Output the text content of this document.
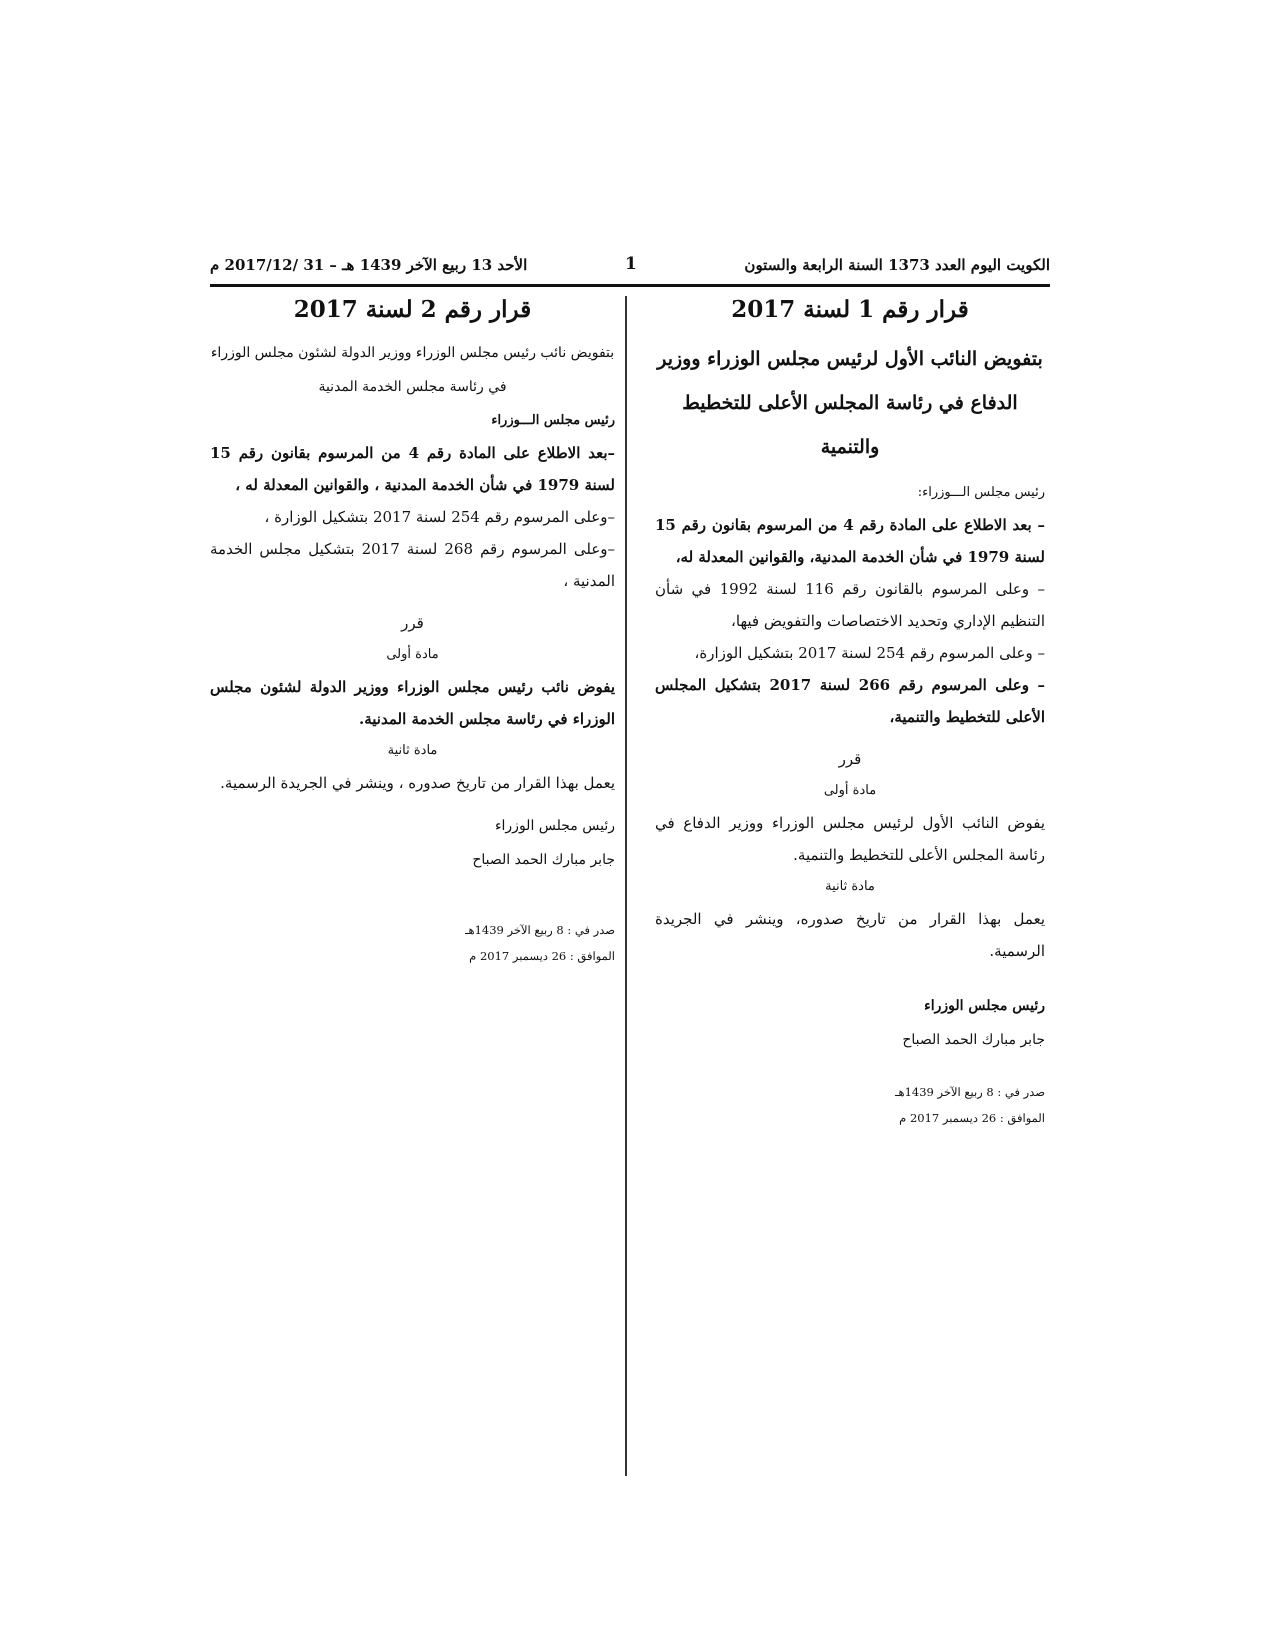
الكويت اليوم العدد 1373 السنة الرابعة والستون
1
الأحد 13 ربيع الآخر 1439 هـ – 31 /2017/12 م

قرار رقم 1 لسنة 2017

بتفويض النائب الأول لرئيس مجلس الوزراء ووزير الدفاع في رئاسة المجلس الأعلى للتخطيط والتنمية

رئيس مجلس الـــوزراء:

– بعد الاطلاع على المادة رقم 4 من المرسوم بقانون رقم 15 لسنة 1979 في شأن الخدمة المدنية، والقوانين المعدلة له،

– وعلى المرسوم بالقانون رقم 116 لسنة 1992 في شأن التنظيم الإداري وتحديد الاختصاصات والتفويض فيها،

– وعلى المرسوم رقم 254 لسنة 2017 بتشكيل الوزارة،

– وعلى المرسوم رقم 266 لسنة 2017 بتشكيل المجلس الأعلى للتخطيط والتنمية،

قرر

مادة أولى

يفوض النائب الأول لرئيس مجلس الوزراء ووزير الدفاع في رئاسة المجلس الأعلى للتخطيط والتنمية.

مادة ثانية

يعمل بهذا القرار من تاريخ صدوره، وينشر في الجريدة الرسمية.

رئيس مجلس الوزراء

جابر مبارك الحمد الصباح

صدر في : 8 ربيع الآخر 1439هـ

الموافق : 26 ديسمبر 2017 م

قرار رقم 2 لسنة 2017

بتفويض نائب رئيس مجلس الوزراء ووزير الدولة لشئون مجلس الوزراء

في رئاسة مجلس الخدمة المدنية

رئيس مجلس الـــوزراء

–بعد الاطلاع على المادة رقم 4 من المرسوم بقانون رقم 15 لسنة 1979 في شأن الخدمة المدنية ، والقوانين المعدلة له ،

–وعلى المرسوم رقم 254 لسنة 2017 بتشكيل الوزارة ،

–وعلى المرسوم رقم 268 لسنة 2017 بتشكيل مجلس الخدمة المدنية ،

قرر

مادة أولى

يفوض نائب رئيس مجلس الوزراء ووزير الدولة لشئون مجلس الوزراء في رئاسة مجلس الخدمة المدنية.

مادة ثانية

يعمل بهذا القرار من تاريخ صدوره ، وينشر في الجريدة الرسمية.

رئيس مجلس الوزراء

جابر مبارك الحمد الصباح

صدر في : 8 ربيع الآخر 1439هـ

الموافق : 26 ديسمبر 2017 م
